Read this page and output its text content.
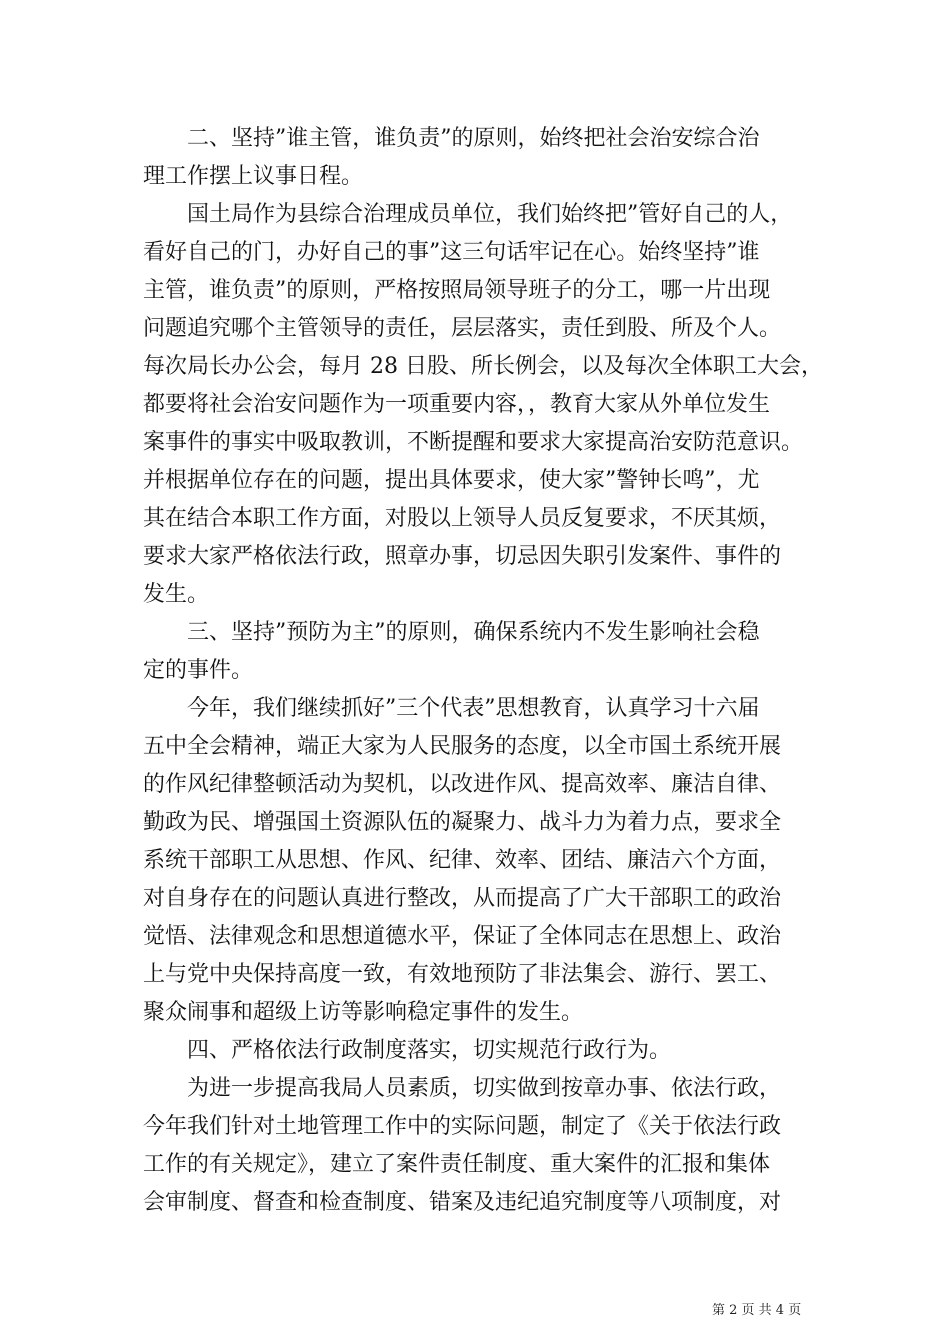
　　二、坚持”谁主管，谁负责”的原则，始终把社会治安综合治
理工作摆上议事日程。
　　国土局作为县综合治理成员单位，我们始终把”管好自己的人，
看好自己的门，办好自己的事”这三句话牢记在心。始终坚持”谁
主管，谁负责”的原则，严格按照局领导班子的分工，哪一片出现
问题追究哪个主管领导的责任，层层落实，责任到股、所及个人。
每次局长办公会，每月 28 日股、所长例会，以及每次全体职工大会，
都要将社会治安问题作为一项重要内容，，教育大家从外单位发生
案事件的事实中吸取教训，不断提醒和要求大家提高治安防范意识。
并根据单位存在的问题，提出具体要求，使大家”警钟长鸣”，尤
其在结合本职工作方面，对股以上领导人员反复要求，不厌其烦，
要求大家严格依法行政，照章办事，切忌因失职引发案件、事件的
发生。
　　三、坚持”预防为主”的原则，确保系统内不发生影响社会稳
定的事件。
　　今年，我们继续抓好”三个代表”思想教育，认真学习十六届
五中全会精神，端正大家为人民服务的态度，以全市国土系统开展
的作风纪律整顿活动为契机，以改进作风、提高效率、廉洁自律、
勤政为民、增强国土资源队伍的凝聚力、战斗力为着力点，要求全
系统干部职工从思想、作风、纪律、效率、团结、廉洁六个方面，
对自身存在的问题认真进行整改，从而提高了广大干部职工的政治
觉悟、法律观念和思想道德水平，保证了全体同志在思想上、政治
上与党中央保持高度一致，有效地预防了非法集会、游行、罢工、
聚众闹事和超级上访等影响稳定事件的发生。
　　四、严格依法行政制度落实，切实规范行政行为。
　　为进一步提高我局人员素质，切实做到按章办事、依法行政，
今年我们针对土地管理工作中的实际问题，制定了《关于依法行政
工作的有关规定》，建立了案件责任制度、重大案件的汇报和集体
会审制度、督查和检查制度、错案及违纪追究制度等八项制度，对
第 2 页 共 4 页
